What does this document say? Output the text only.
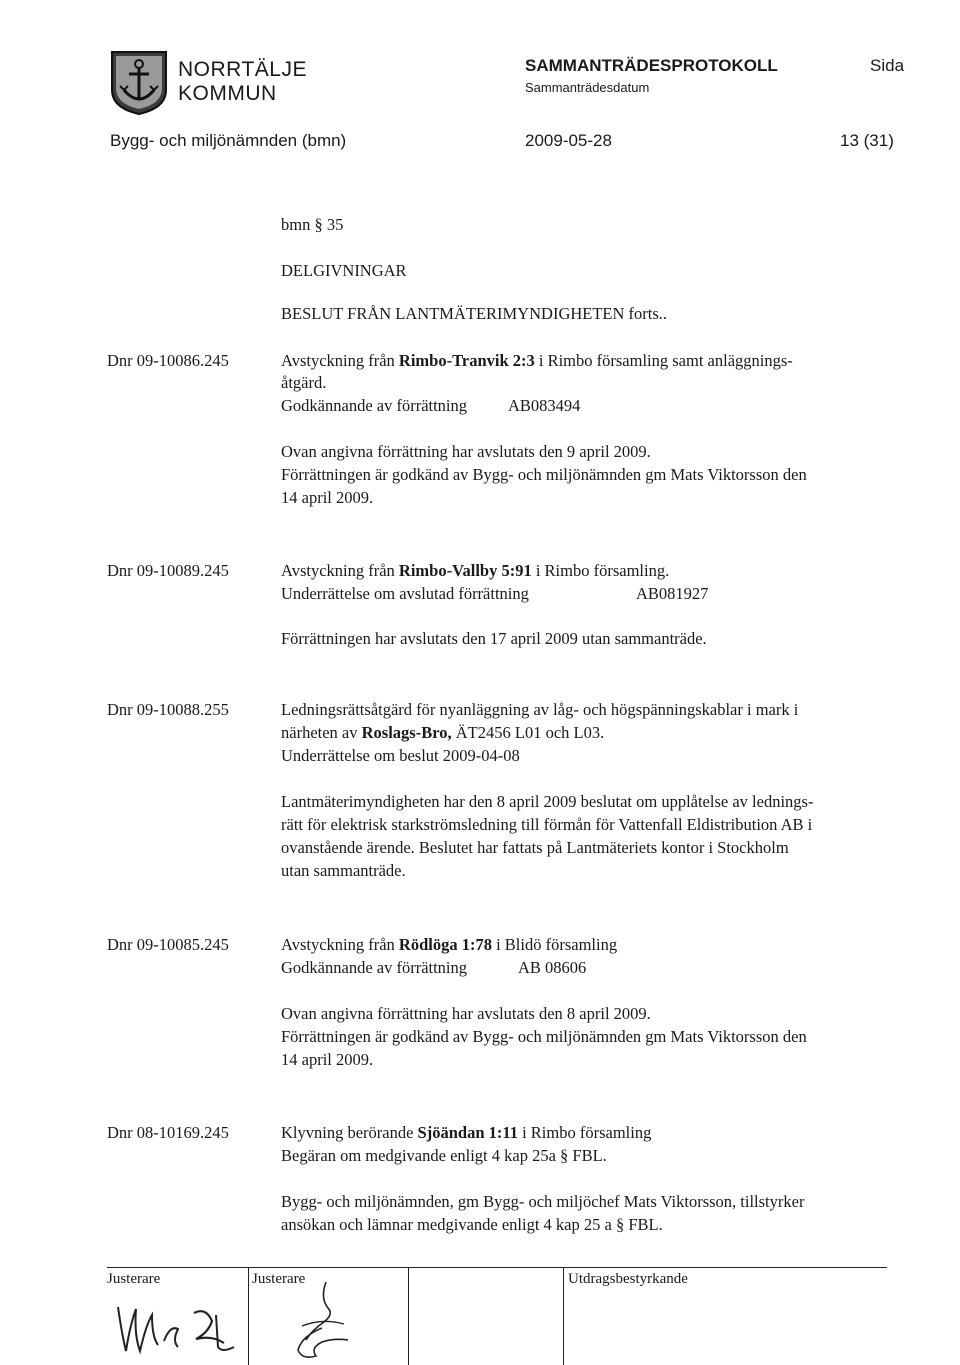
NORRTÄLJE
KOMMUN
SAMMANTRÄDESPROTOKOLL
Sammanträdesdatum
Sida
Bygg- och miljönämnden (bmn)	2009-05-28	13 (31)
bmn § 35
DELGIVNINGAR
BESLUT FRÅN LANTMÄTERIMYNDIGHETEN forts..
Dnr 09-10086.245	Avstyckning från Rimbo-Tranvik 2:3 i Rimbo församling samt anläggnings-
åtgärd.
Godkännande av förrättning AB083494
Ovan angivna förrättning har avslutats den 9 april 2009.
Förrättningen är godkänd av Bygg- och miljönämnden gm Mats Viktorsson den
14 april 2009.
Dnr 09-10089.245	Avstyckning från Rimbo-Vallby 5:91 i Rimbo församling.
Underrättelse om avslutad förrättning	AB081927
Förrättningen har avslutats den 17 april 2009 utan sammanträde.
Dnr 09-10088.255	Ledningsrättsåtgärd för nyanläggning av låg- och högspänningskablar i mark i
närheten av Roslags-Bro, ÄT2456 L01 och L03.
Underrättelse om beslut 2009-04-08
Lantmäterimyndigheten har den 8 april 2009 beslutat om upplåtelse av lednings-
rätt för elektrisk starkströmsledning till förmån för Vattenfall Eldistribution AB i
ovanstående ärende. Beslutet har fattats på Lantmäteriets kontor i Stockholm
utan sammanträde.
Dnr 09-10085.245	Avstyckning från Rödlöga 1:78 i Blidö församling
Godkännande av förrättning	AB 08606
Ovan angivna förrättning har avslutats den 8 april 2009.
Förrättningen är godkänd av Bygg- och miljönämnden gm Mats Viktorsson den
14 april 2009.
Dnr 08-10169.245	Klyvning berörande Sjöändan 1:11 i Rimbo församling
Begäran om medgivande enligt 4 kap 25a § FBL.
Bygg- och miljönämnden, gm Bygg- och miljöchef Mats Viktorsson, tillstyrker
ansökan och lämnar medgivande enligt 4 kap 25 a § FBL.
Justerare	Justerare	Utdragsbestyrkande
